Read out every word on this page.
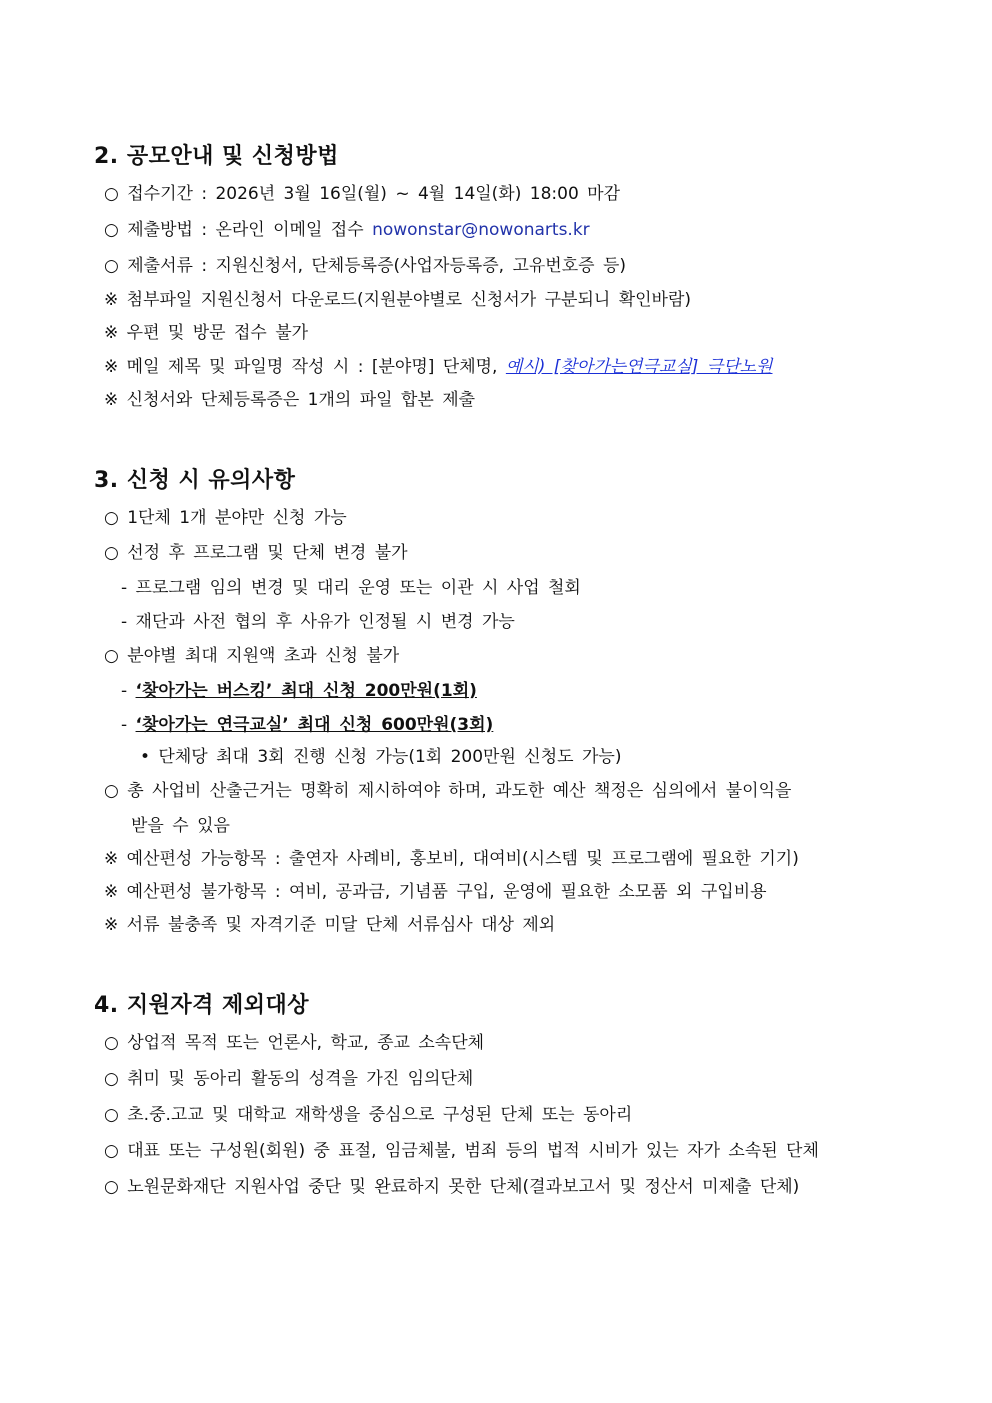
2. 공모안내 및 신청방법
○ 접수기간 : 2026년 3월 16일(월) ~ 4월 14일(화) 18:00 마감
○ 제출방법 : 온라인 이메일 접수 nowonstar@nowonarts.kr
○ 제출서류 : 지원신청서, 단체등록증(사업자등록증, 고유번호증 등)
※ 첨부파일 지원신청서 다운로드(지원분야별로 신청서가 구분되니 확인바람)
※ 우편 및 방문 접수 불가
※ 메일 제목 및 파일명 작성 시 : [분야명] 단체명, 예시) [찾아가는연극교실] 극단노원
※ 신청서와 단체등록증은 1개의 파일 합본 제출
3. 신청 시 유의사항
○ 1단체 1개 분야만 신청 가능
○ 선정 후 프로그램 및 단체 변경 불가
- 프로그램 임의 변경 및 대리 운영 또는 이관 시 사업 철회
- 재단과 사전 협의 후 사유가 인정될 시 변경 가능
○ 분야별 최대 지원액 초과 신청 불가
- ‘찾아가는 버스킹’ 최대 신청 200만원(1회)
- ‘찾아가는 연극교실’ 최대 신청 600만원(3회)
• 단체당 최대 3회 진행 신청 가능(1회 200만원 신청도 가능)
○ 총 사업비 산출근거는 명확히 제시하여야 하며, 과도한 예산 책정은 심의에서 불이익을
받을 수 있음
※ 예산편성 가능항목 : 출연자 사례비, 홍보비, 대여비(시스템 및 프로그램에 필요한 기기)
※ 예산편성 불가항목 : 여비, 공과금, 기념품 구입, 운영에 필요한 소모품 외 구입비용
※ 서류 불충족 및 자격기준 미달 단체 서류심사 대상 제외
4. 지원자격 제외대상
○ 상업적 목적 또는 언론사, 학교, 종교 소속단체
○ 취미 및 동아리 활동의 성격을 가진 임의단체
○ 초.중.고교 및 대학교 재학생을 중심으로 구성된 단체 또는 동아리
○ 대표 또는 구성원(회원) 중 표절, 임금체불, 범죄 등의 법적 시비가 있는 자가 소속된 단체
○ 노원문화재단 지원사업 중단 및 완료하지 못한 단체(결과보고서 및 정산서 미제출 단체)
